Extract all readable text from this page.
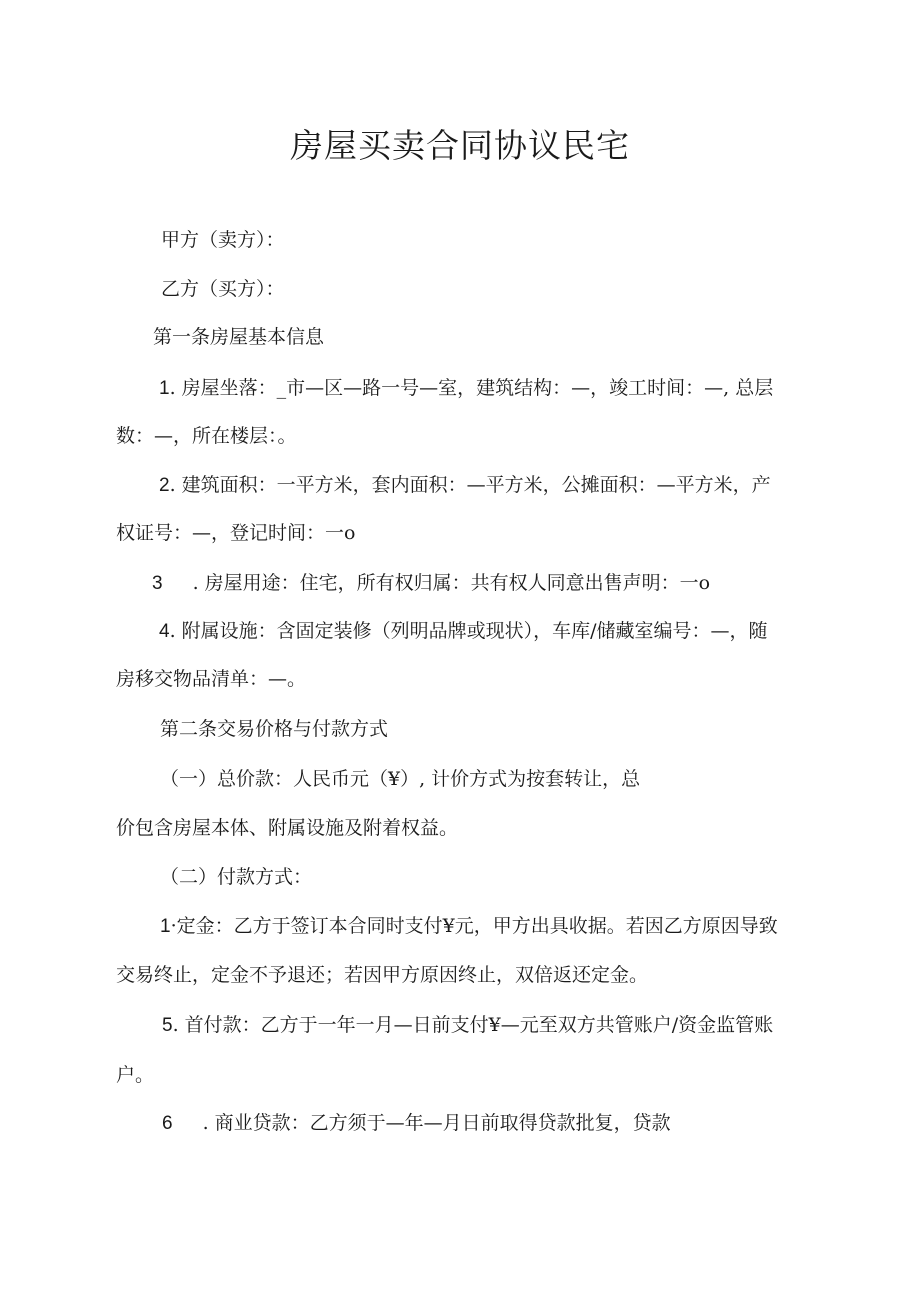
房屋买卖合同协议民宅
甲方（卖方）：
乙方（买方）：
第一条房屋基本信息
1. 房屋坐落：_市—区—路一号—室，建筑结构：—，竣工时间：—, 总层
数：—，所在楼层：。
2. 建筑面积：一平方米，套内面积：—平方米，公摊面积：—平方米，产
权证号：—，登记时间：一o
3 . 房屋用途：住宅，所有权归属：共有权人同意出售声明：一o
4. 附属设施：含固定装修（列明品牌或现状），车库/储藏室编号：—，随
房移交物品清单：—。
第二条交易价格与付款方式
（一）总价款：人民币元（¥）, 计价方式为按套转让，总
价包含房屋本体、附属设施及附着权益。
（二）付款方式：
1·定金：乙方于签订本合同时支付¥元，甲方出具收据。若因乙方原因导致
交易终止，定金不予退还；若因甲方原因终止，双倍返还定金。
5. 首付款：乙方于一年一月—日前支付¥—元至双方共管账户/资金监管账
户。
6 . 商业贷款：乙方须于—年—月日前取得贷款批复，贷款
